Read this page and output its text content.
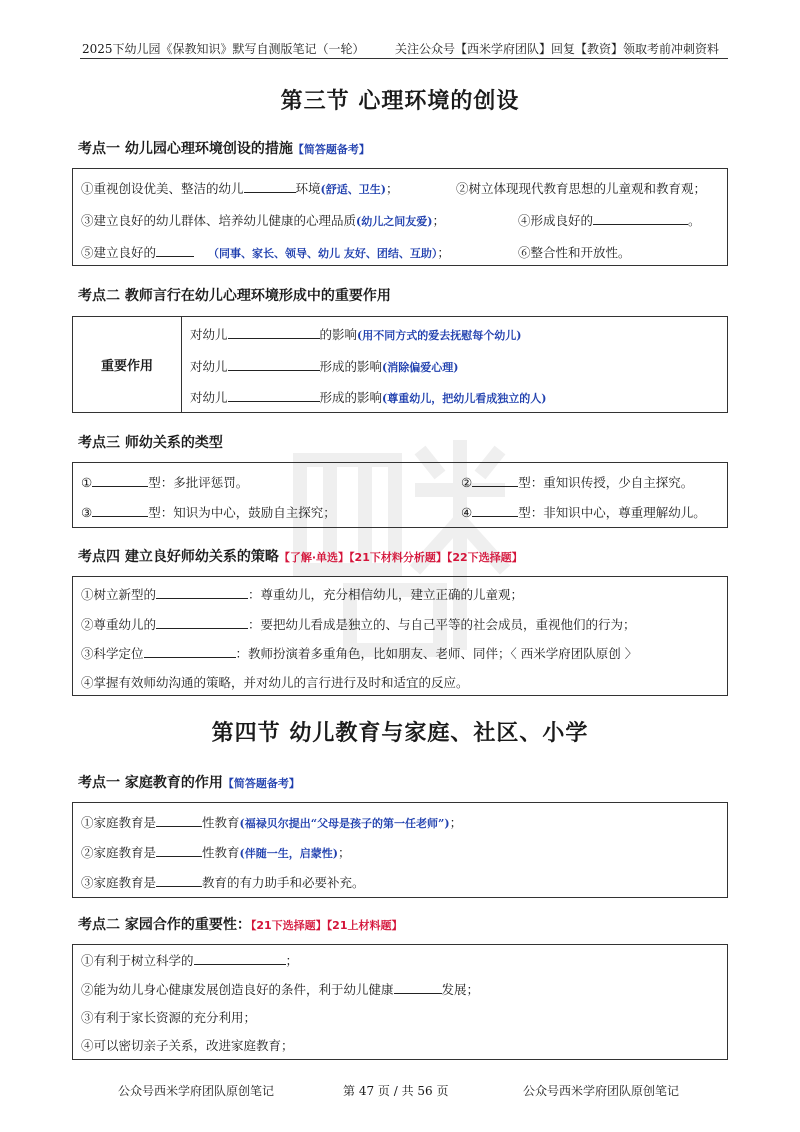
2025下幼儿园《保教知识》默写自测版笔记（一轮）	关注公众号【西米学府团队】回复【教资】领取考前冲刺资料
第三节 心理环境的创设
考点一 幼儿园心理环境创设的措施【简答题备考】
①重视创设优美、整洁的幼儿	环境(舒适、卫生)；	②树立体现现代教育思想的儿童观和教育观；
③建立良好的幼儿群体、培养幼儿健康的心理品质(幼儿之间友爱)；	④形成良好的	。
⑤建立良好的	（同事、家长、领导、幼儿 友好、团结、互助）；	⑥整合性和开放性。
考点二 教师言行在幼儿心理环境形成中的重要作用
重要作用	
对幼儿	的影响(用不同方式的爱去抚慰每个幼儿)
对幼儿	形成的影响(消除偏爱心理)
对幼儿	形成的影响(尊重幼儿，把幼儿看成独立的人)
考点三 师幼关系的类型
①	型：多批评惩罚。	②	型：重知识传授，少自主探究。
③	型：知识为中心，鼓励自主探究；	④	型：非知识中心，尊重理解幼儿。
考点四 建立良好师幼关系的策略【了解·单选】【21下材料分析题】【22下选择题】
①树立新型的	：尊重幼儿，充分相信幼儿，建立正确的儿童观；
②尊重幼儿的	：要把幼儿看成是独立的、与自己平等的社会成员，重视他们的行为；
③科学定位	：教师扮演着多重角色，比如朋友、老师、同伴；〈 西米学府团队原创 〉
④掌握有效师幼沟通的策略，并对幼儿的言行进行及时和适宜的反应。
第四节 幼儿教育与家庭、社区、小学
考点一 家庭教育的作用【简答题备考】
①家庭教育是	性教育(福禄贝尔提出“父母是孩子的第一任老师”)；
②家庭教育是	性教育(伴随一生，启蒙性)；
③家庭教育是	教育的有力助手和必要补充。
考点二 家园合作的重要性：【21下选择题】【21上材料题】
①有利于树立科学的	；
②能为幼儿身心健康发展创造良好的条件，利于幼儿健康	发展；
③有利于家长资源的充分利用；
④可以密切亲子关系，改进家庭教育；
公众号西米学府团队原创笔记	第 47 页 / 共 56 页	公众号西米学府团队原创笔记
